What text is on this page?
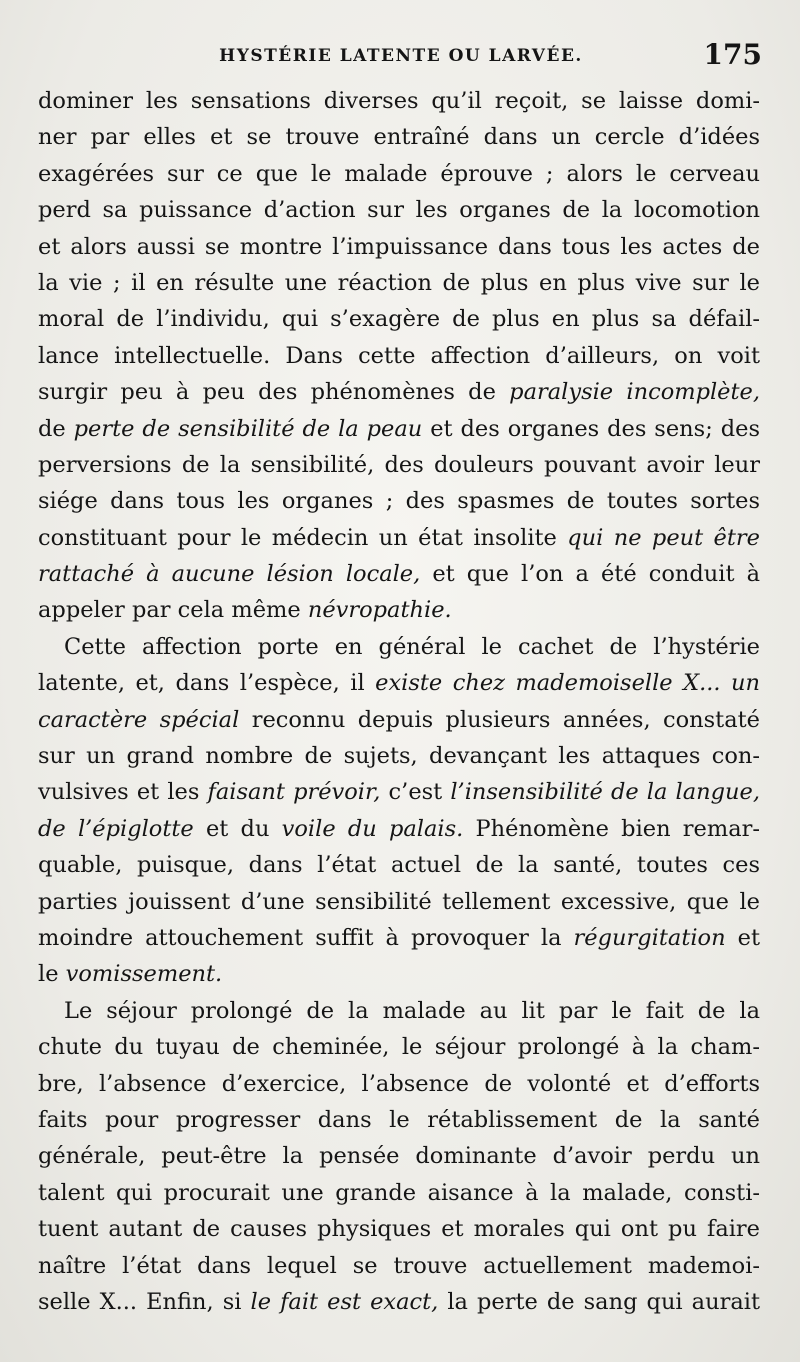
HYSTÉRIE LATENTE OU LARVÉE.	175
dominer les sensations diverses qu’il reçoit, se laisse domi-
ner par elles et se trouve entraîné dans un cercle d’idées
exagérées sur ce que le malade éprouve ; alors le cerveau
perd sa puissance d’action sur les organes de la locomotion
et alors aussi se montre l’impuissance dans tous les actes de
la vie ; il en résulte une réaction de plus en plus vive sur le
moral de l’individu, qui s’exagère de plus en plus sa défail-
lance intellectuelle. Dans cette affection d’ailleurs, on voit
surgir peu à peu des phénomènes de paralysie incomplète,
de perte de sensibilité de la peau et des organes des sens; des
perversions de la sensibilité, des douleurs pouvant avoir leur
siége dans tous les organes ; des spasmes de toutes sortes
constituant pour le médecin un état insolite qui ne peut être
rattaché à aucune lésion locale, et que l’on a été conduit à
appeler par cela même névropathie.
Cette affection porte en général le cachet de l’hystérie
latente, et, dans l’espèce, il existe chez mademoiselle X... un
caractère spécial reconnu depuis plusieurs années, constaté
sur un grand nombre de sujets, devançant les attaques con-
vulsives et les faisant prévoir, c’est l’insensibilité de la langue,
de l’épiglotte et du voile du palais. Phénomène bien remar-
quable, puisque, dans l’état actuel de la santé, toutes ces
parties jouissent d’une sensibilité tellement excessive, que le
moindre attouchement suffit à provoquer la régurgitation et
le vomissement.
Le séjour prolongé de la malade au lit par le fait de la
chute du tuyau de cheminée, le séjour prolongé à la cham-
bre, l’absence d’exercice, l’absence de volonté et d’efforts
faits pour progresser dans le rétablissement de la santé
générale, peut-être la pensée dominante d’avoir perdu un
talent qui procurait une grande aisance à la malade, consti-
tuent autant de causes physiques et morales qui ont pu faire
naître l’état dans lequel se trouve actuellement mademoi-
selle X... Enfin, si le fait est exact, la perte de sang qui aurait
